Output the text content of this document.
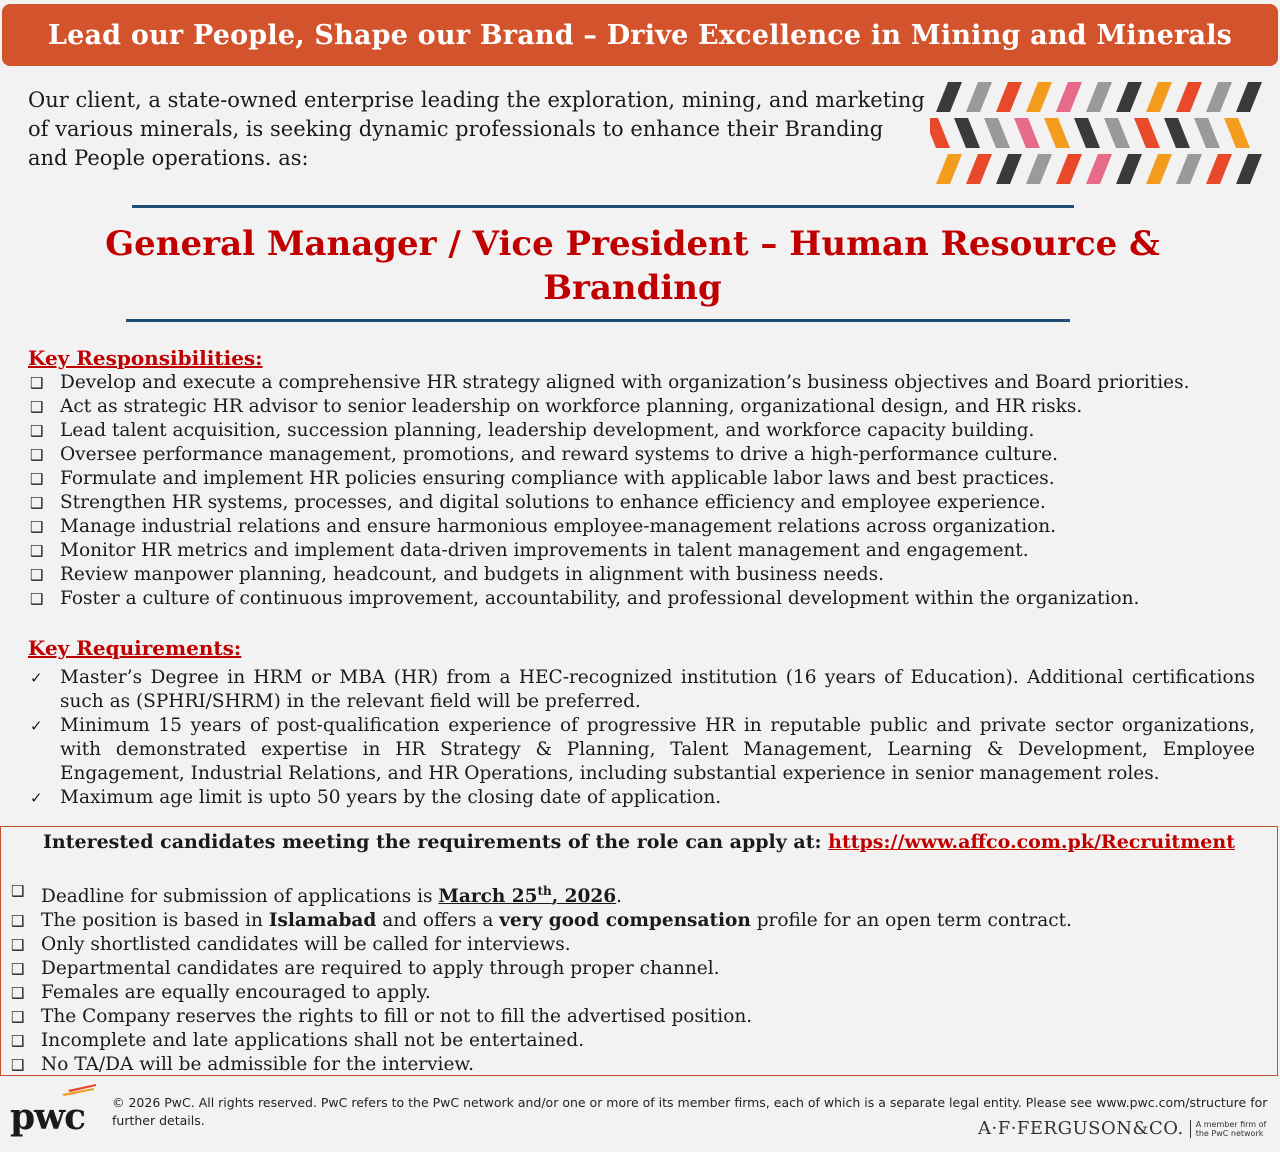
Lead our People, Shape our Brand – Drive Excellence in Mining and Minerals
Our client, a state-owned enterprise leading the exploration, mining, and marketing of various minerals, is seeking dynamic professionals to enhance their Branding and People operations. as:
General Manager / Vice President – Human Resource & Branding
Key Responsibilities:
❑ Develop and execute a comprehensive HR strategy aligned with organization’s business objectives and Board priorities.
❑ Act as strategic HR advisor to senior leadership on workforce planning, organizational design, and HR risks.
❑ Lead talent acquisition, succession planning, leadership development, and workforce capacity building.
❑ Oversee performance management, promotions, and reward systems to drive a high-performance culture.
❑ Formulate and implement HR policies ensuring compliance with applicable labor laws and best practices.
❑ Strengthen HR systems, processes, and digital solutions to enhance efficiency and employee experience.
❑ Manage industrial relations and ensure harmonious employee-management relations across organization.
❑ Monitor HR metrics and implement data-driven improvements in talent management and engagement.
❑ Review manpower planning, headcount, and budgets in alignment with business needs.
❑ Foster a culture of continuous improvement, accountability, and professional development within the organization.
Key Requirements:
✓ Master’s Degree in HRM or MBA (HR) from a HEC-recognized institution (16 years of Education). Additional certifications such as (SPHRI/SHRM) in the relevant field will be preferred.
✓ Minimum 15 years of post-qualification experience of progressive HR in reputable public and private sector organizations, with demonstrated expertise in HR Strategy & Planning, Talent Management, Learning & Development, Employee Engagement, Industrial Relations, and HR Operations, including substantial experience in senior management roles.
✓ Maximum age limit is upto 50 years by the closing date of application.
Interested candidates meeting the requirements of the role can apply at: https://www.affco.com.pk/Recruitment
❑ Deadline for submission of applications is March 25th, 2026.
❑ The position is based in Islamabad and offers a very good compensation profile for an open term contract.
❑ Only shortlisted candidates will be called for interviews.
❑ Departmental candidates are required to apply through proper channel.
❑ Females are equally encouraged to apply.
❑ The Company reserves the rights to fill or not to fill the advertised position.
❑ Incomplete and late applications shall not be entertained.
❑ No TA/DA will be admissible for the interview.
pwc © 2026 PwC. All rights reserved. PwC refers to the PwC network and/or one or more of its member firms, each of which is a separate legal entity. Please see www.pwc.com/structure for further details.	A·F·FERGUSON&CO. A member firm of the PwC network
